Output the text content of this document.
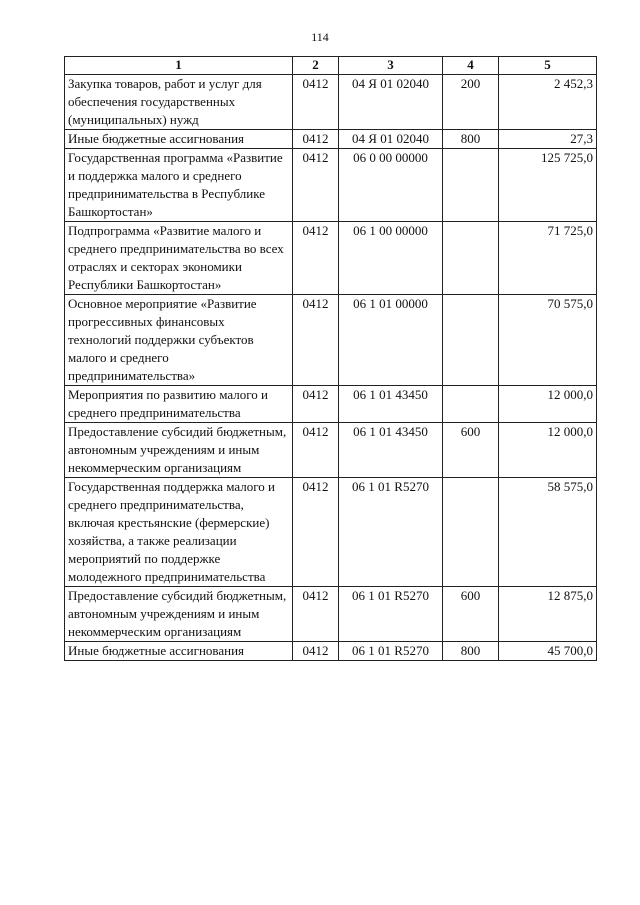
114
1	2	3	4	5
Закупка товаров, работ и услуг для обеспечения государственных (муниципальных) нужд	0412	04 Я 01 02040	200	2 452,3
Иные бюджетные ассигнования	0412	04 Я 01 02040	800	27,3
Государственная программа «Развитие и поддержка малого и среднего предпринимательства в Республике Башкортостан»	0412	06 0 00 00000		125 725,0
Подпрограмма «Развитие малого и среднего предпринимательства во всех отраслях и секторах экономики Республики Башкортостан»	0412	06 1 00 00000		71 725,0
Основное мероприятие «Развитие прогрессивных финансовых технологий поддержки субъектов малого и среднего предпринимательства»	0412	06 1 01 00000		70 575,0
Мероприятия по развитию малого и среднего предпринимательства	0412	06 1 01 43450		12 000,0
Предоставление субсидий бюджетным, автономным учреждениям и иным некоммерческим организациям	0412	06 1 01 43450	600	12 000,0
Государственная поддержка малого и среднего предпринимательства, включая крестьянские (фермерские) хозяйства, а также реализации мероприятий по поддержке молодежного предпринимательства	0412	06 1 01 R5270		58 575,0
Предоставление субсидий бюджетным, автономным учреждениям и иным некоммерческим организациям	0412	06 1 01 R5270	600	12 875,0
Иные бюджетные ассигнования	0412	06 1 01 R5270	800	45 700,0
